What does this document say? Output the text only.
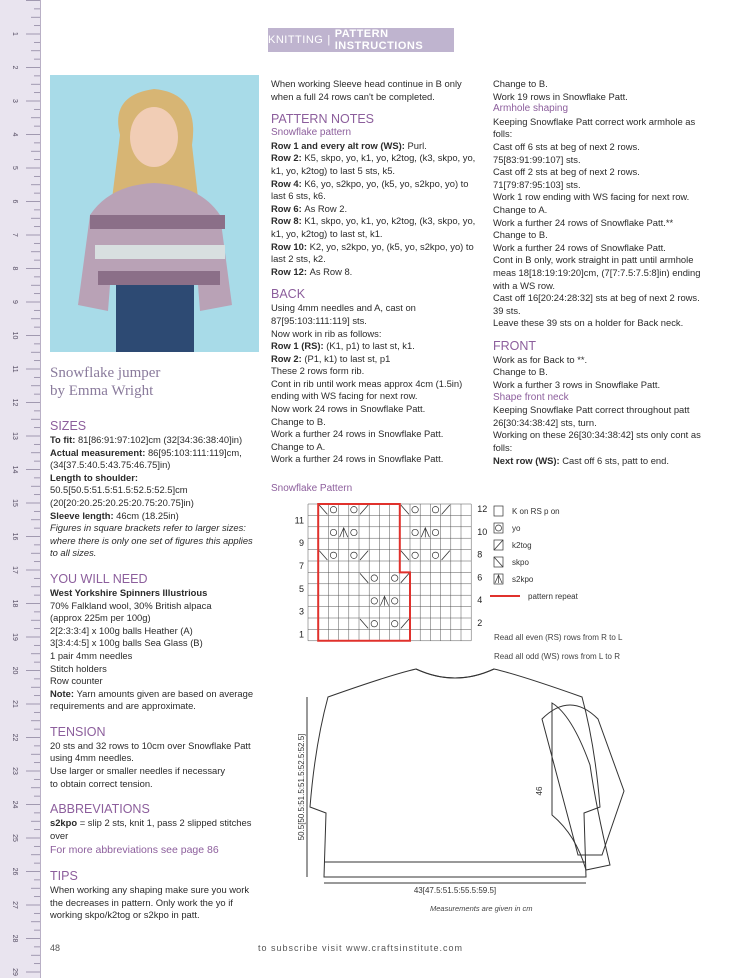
1
2
3
4
5
6
7
8
9
10
11
12
13
14
15
16
17
18
19
20
21
22
23
24
25
26
27
28
29
KNITTING | PATTERN INSTRUCTIONS
Snowflake jumper
by Emma Wright
SIZES

To fit: 81[86:91:97:102]cm (32[34:36:38:40]in)

Actual measurement: 86[95:103:111:119]cm, (34[37.5:40.5:43.75:46.75]in)

Length to shoulder:
50.5[50.5:51.5:51.5:52.5:52.5]cm (20[20:20.25:20.25:20.75:20.75]in)

Sleeve length: 46cm (18.25in)

Figures in square brackets refer to larger sizes: where there is only one set of figures this applies to all sizes.

YOU WILL NEED

West Yorkshire Spinners Illustrious

70% Falkland wool, 30% British alpaca

(approx 225m per 100g)

2[2:3:3:4] x 100g balls Heather (A)

3[3:4:4:5] x 100g balls Sea Glass (B)

1 pair 4mm needles

Stitch holders

Row counter

Note: Yarn amounts given are based on average requirements and are approximate.

TENSION

20 sts and 32 rows to 10cm over Snowflake Patt

using 4mm needles.

Use larger or smaller needles if necessary

to obtain correct tension.

ABBREVIATIONS

s2kpo = slip 2 sts, knit 1, pass 2 slipped stitches over

For more abbreviations see page 86

TIPS

When working any shaping make sure you work the decreases in pattern. Only work the yo if working skpo/k2tog or s2kpo in patt.

When working Sleeve head continue in B only when a full 24 rows can't be completed.

PATTERN NOTES
Snowflake pattern

Row 1 and every alt row (WS): Purl.

Row 2: K5, skpo, yo, k1, yo, k2tog, (k3, skpo, yo, k1, yo, k2tog) to last 5 sts, k5.

Row 4: K6, yo, s2kpo, yo, (k5, yo, s2kpo, yo) to last 6 sts, k6.

Row 6: As Row 2.

Row 8: K1, skpo, yo, k1, yo, k2tog, (k3, skpo, yo, k1, yo, k2tog) to last st, k1.

Row 10: K2, yo, s2kpo, yo, (k5, yo, s2kpo, yo) to last 2 sts, k2.

Row 12: As Row 8.

BACK

Using 4mm needles and A, cast on 87[95:103:111:119] sts.

Now work in rib as follows:

Row 1 (RS): (K1, p1) to last st, k1.

Row 2: (P1, k1) to last st, p1

These 2 rows form rib.

Cont in rib until work meas approx 4cm (1.5in) ending with WS facing for next row.

Now work 24 rows in Snowflake Patt.

Change to B.

Work a further 24 rows in Snowflake Patt.

Change to A.

Work a further 24 rows in Snowflake Patt.

Change to B.

Work 19 rows in Snowflake Patt.

Armhole shaping

Keeping Snowflake Patt correct work armhole as folls:

Cast off 6 sts at beg of next 2 rows.

75[83:91:99:107] sts.

Cast off 2 sts at beg of next 2 rows.

71[79:87:95:103] sts.

Work 1 row ending with WS facing for next row.

Change to A.

Work a further 24 rows of Snowflake Patt.**

Change to B.

Work a further 24 rows of Snowflake Patt.

Cont in B only, work straight in patt until armhole meas 18[18:19:19:20]cm, (7[7:7.5:7.5:8]in) ending with a WS row.

Cast off 16[20:24:28:32] sts at beg of next 2 rows.

39 sts.

Leave these 39 sts on a holder for Back neck.

FRONT

Work as for Back to **.

Change to B.

Work a further 3 rows in Snowflake Patt.

Shape front neck

Keeping Snowflake Patt correct throughout patt 26[30:34:38:42] sts, turn.

Working on these 26[30:34:38:42] sts only cont as folls:

Next row (WS): Cast off 6 sts, patt to end.

Snowflake Pattern
11
9
7
5
3
1
12
10
8
6
4
2
K on RS p on
yo
k2tog
skpo
s2kpo
pattern repeat

Read all even (RS) rows from R to L

Read all odd (WS) rows from L to R

50.5[50.5:51.5:51.5:52.5:52.5]
43[47.5:51.5:55.5:59.5]
46
Measurements are given in cm
48	to subscribe visit www.craftsinstitute.com
